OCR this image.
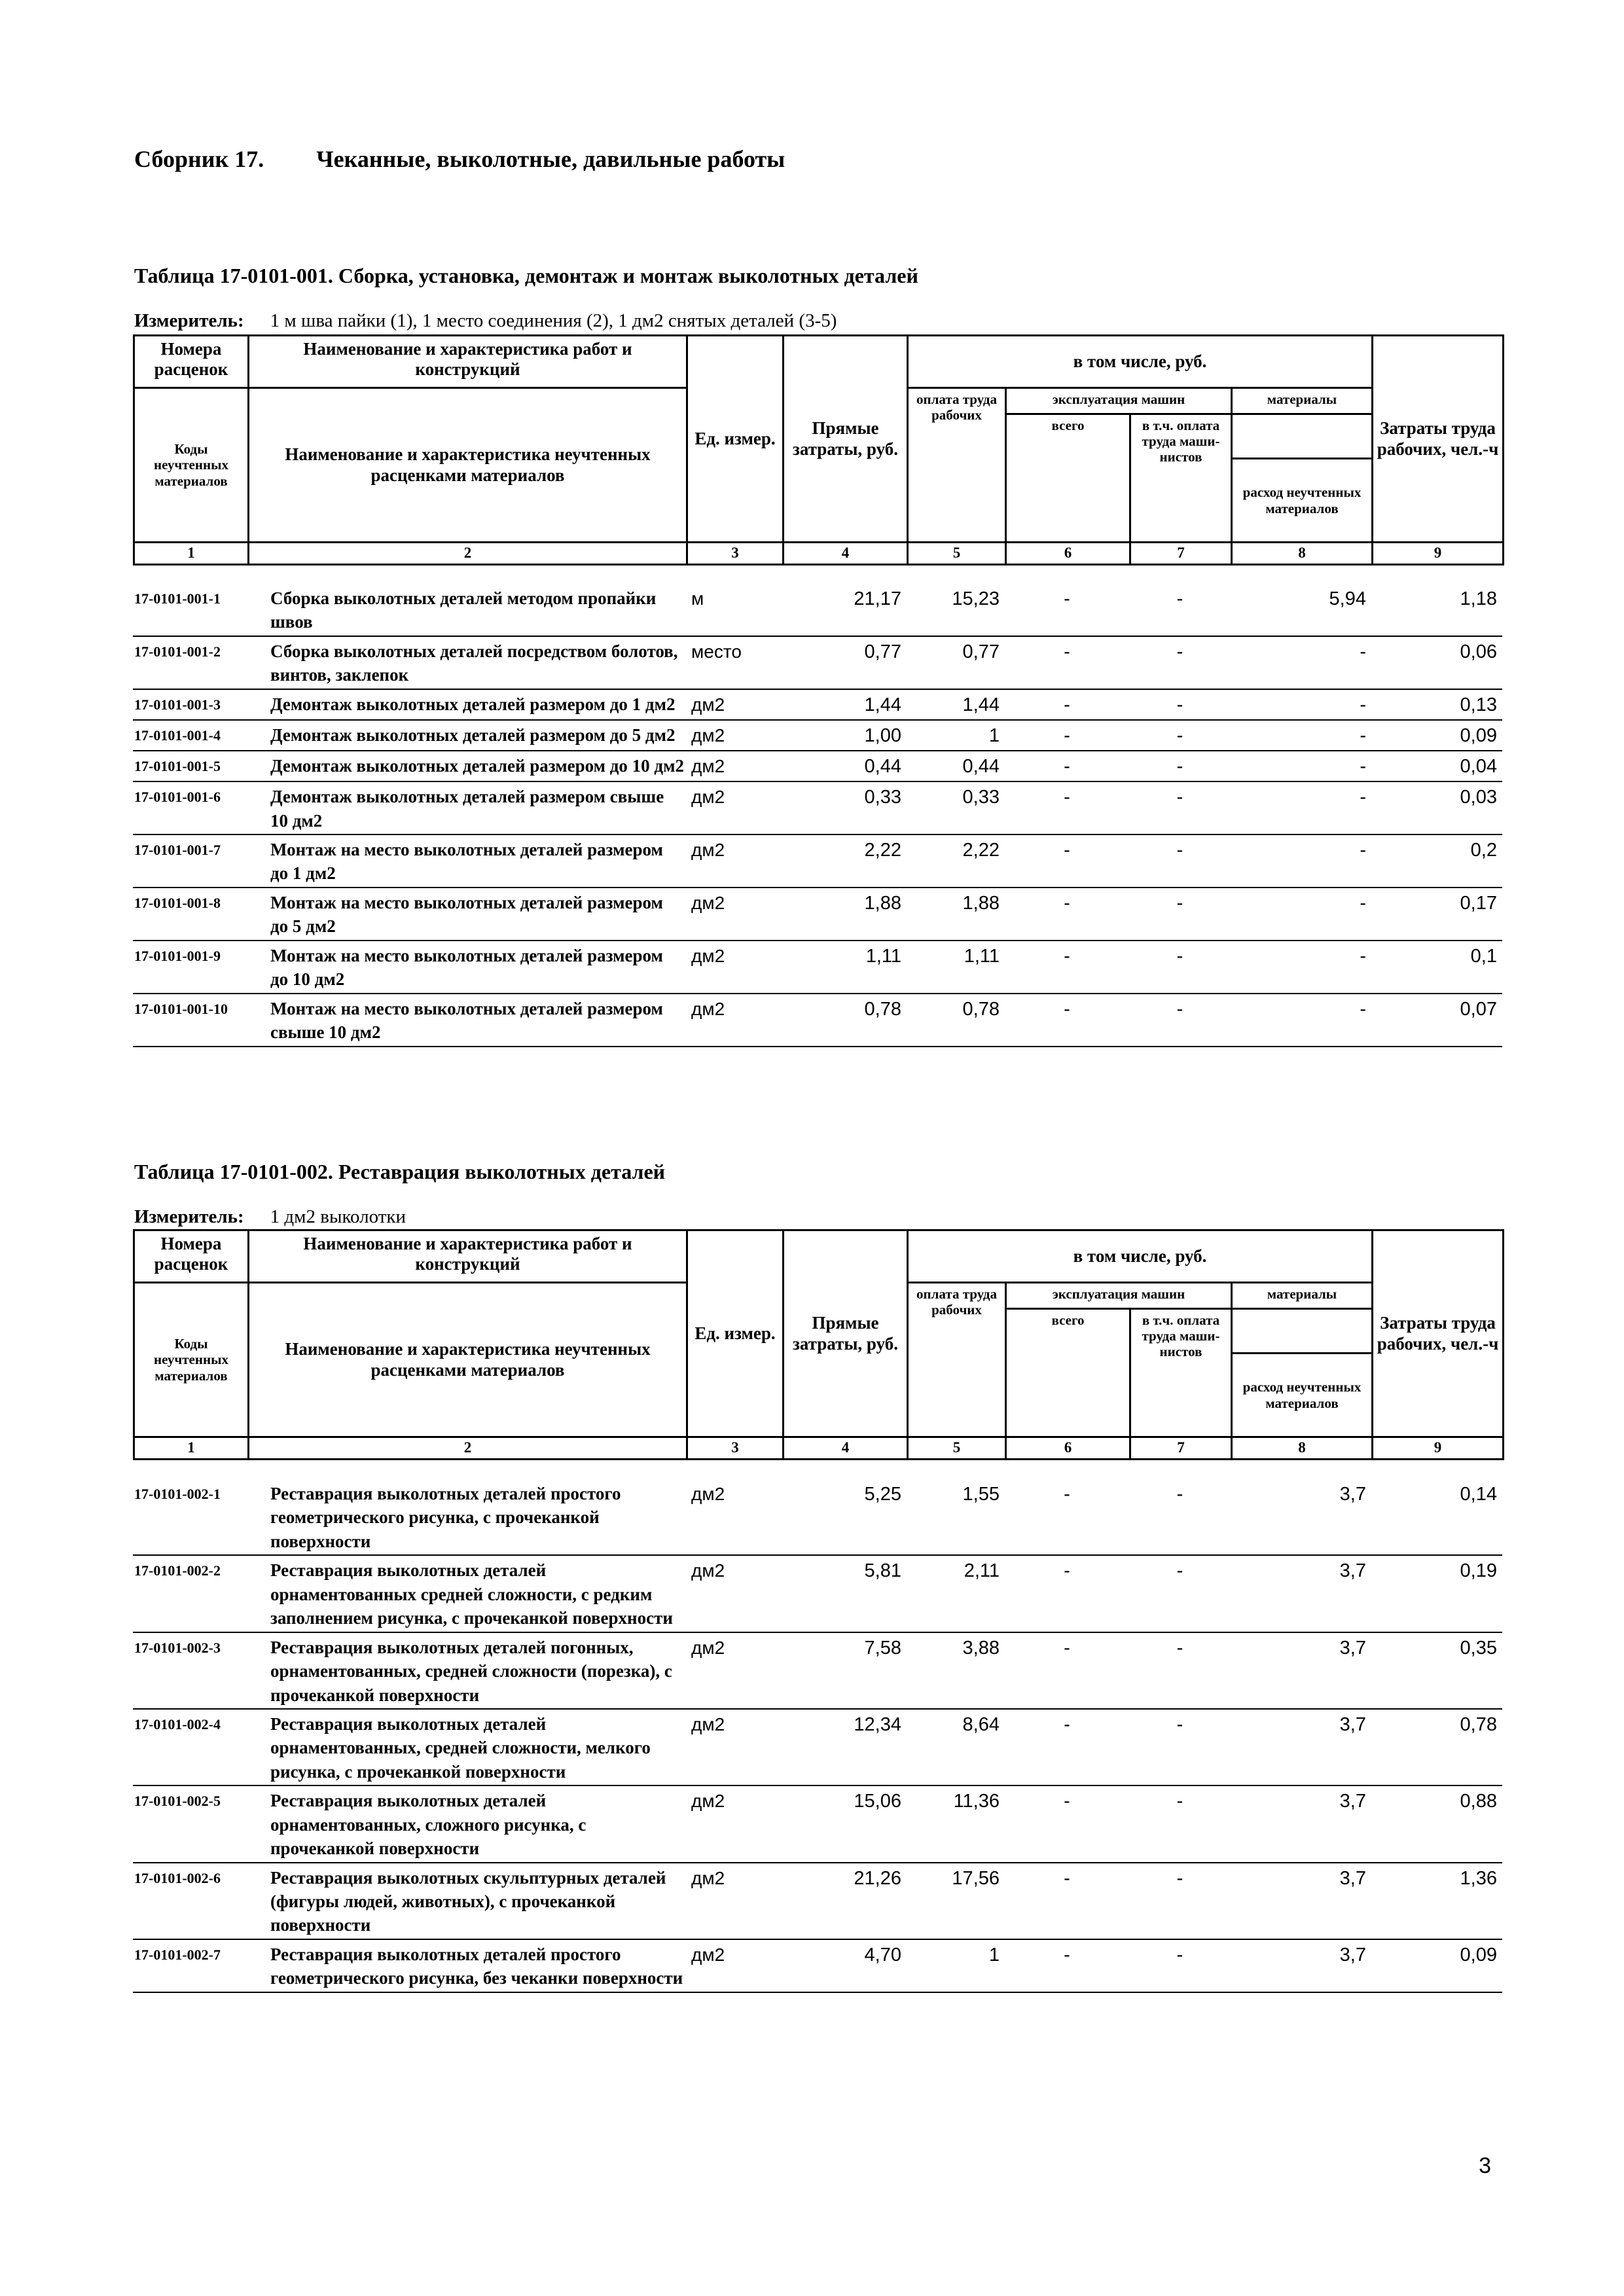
Сборник 17. Чеканные, выколотные, давильные работы
Таблица 17-0101-001. Сборка, установка, демонтаж и монтаж выколотных деталей
Измеритель: 1 м шва пайки (1), 1 место соединения (2), 1 дм2 снятых деталей (3-5)
Номера расценок	Наименование и характеристика работ и конструкций	Ед. измер.	Прямые затраты, руб.	в том числе, руб.				Затраты труда рабочих, чел.-ч
Коды неучтенных материалов	Наименование и характеристика неучтенных расценками материалов			оплата труда рабочих	эксплуатация машин		материалы	
					всего	в т.ч. оплата труда маши-нистов		
							расход неучтенных материалов	
1	2	3	4	5	6	7	8	9
17-0101-001-1	Сборка выколотных деталей методом пропайки швов	м	21,17	15,23	-	-	5,94	1,18
17-0101-001-2	Сборка выколотных деталей посредством болотов, винтов, заклепок	место	0,77	0,77	-	-	-	0,06
17-0101-001-3	Демонтаж выколотных деталей размером до 1 дм2	дм2	1,44	1,44	-	-	-	0,13
17-0101-001-4	Демонтаж выколотных деталей размером до 5 дм2	дм2	1,00	1	-	-	-	0,09
17-0101-001-5	Демонтаж выколотных деталей размером до 10 дм2	дм2	0,44	0,44	-	-	-	0,04
17-0101-001-6	Демонтаж выколотных деталей размером свыше 10 дм2	дм2	0,33	0,33	-	-	-	0,03
17-0101-001-7	Монтаж на место выколотных деталей размером до 1 дм2	дм2	2,22	2,22	-	-	-	0,2
17-0101-001-8	Монтаж на место выколотных деталей размером до 5 дм2	дм2	1,88	1,88	-	-	-	0,17
17-0101-001-9	Монтаж на место выколотных деталей размером до 10 дм2	дм2	1,11	1,11	-	-	-	0,1
17-0101-001-10	Монтаж на место выколотных деталей размером свыше 10 дм2	дм2	0,78	0,78	-	-	-	0,07
Таблица 17-0101-002. Реставрация выколотных деталей
Измеритель: 1 дм2 выколотки
Номера расценок	Наименование и характеристика работ и конструкций	Ед. измер.	Прямые затраты, руб.	в том числе, руб.				Затраты труда рабочих, чел.-ч
Коды неучтенных материалов	Наименование и характеристика неучтенных расценками материалов			оплата труда рабочих	эксплуатация машин		материалы	
					всего	в т.ч. оплата труда маши-нистов		
							расход неучтенных материалов	
1	2	3	4	5	6	7	8	9
17-0101-002-1	Реставрация выколотных деталей простого геометрического рисунка, с прочеканкой поверхности	дм2	5,25	1,55	-	-	3,7	0,14
17-0101-002-2	Реставрация выколотных деталей орнаментованных средней сложности, с редким заполнением рисунка, с прочеканкой поверхности	дм2	5,81	2,11	-	-	3,7	0,19
17-0101-002-3	Реставрация выколотных деталей погонных, орнаментованных, средней сложности (порезка), с прочеканкой поверхности	дм2	7,58	3,88	-	-	3,7	0,35
17-0101-002-4	Реставрация выколотных деталей орнаментованных, средней сложности, мелкого рисунка, с прочеканкой поверхности	дм2	12,34	8,64	-	-	3,7	0,78
17-0101-002-5	Реставрация выколотных деталей орнаментованных, сложного рисунка, с прочеканкой поверхности	дм2	15,06	11,36	-	-	3,7	0,88
17-0101-002-6	Реставрация выколотных скульптурных деталей (фигуры людей, животных), с прочеканкой поверхности	дм2	21,26	17,56	-	-	3,7	1,36
17-0101-002-7	Реставрация выколотных деталей простого геометрического рисунка, без чеканки поверхности	дм2	4,70	1	-	-	3,7	0,09
3
